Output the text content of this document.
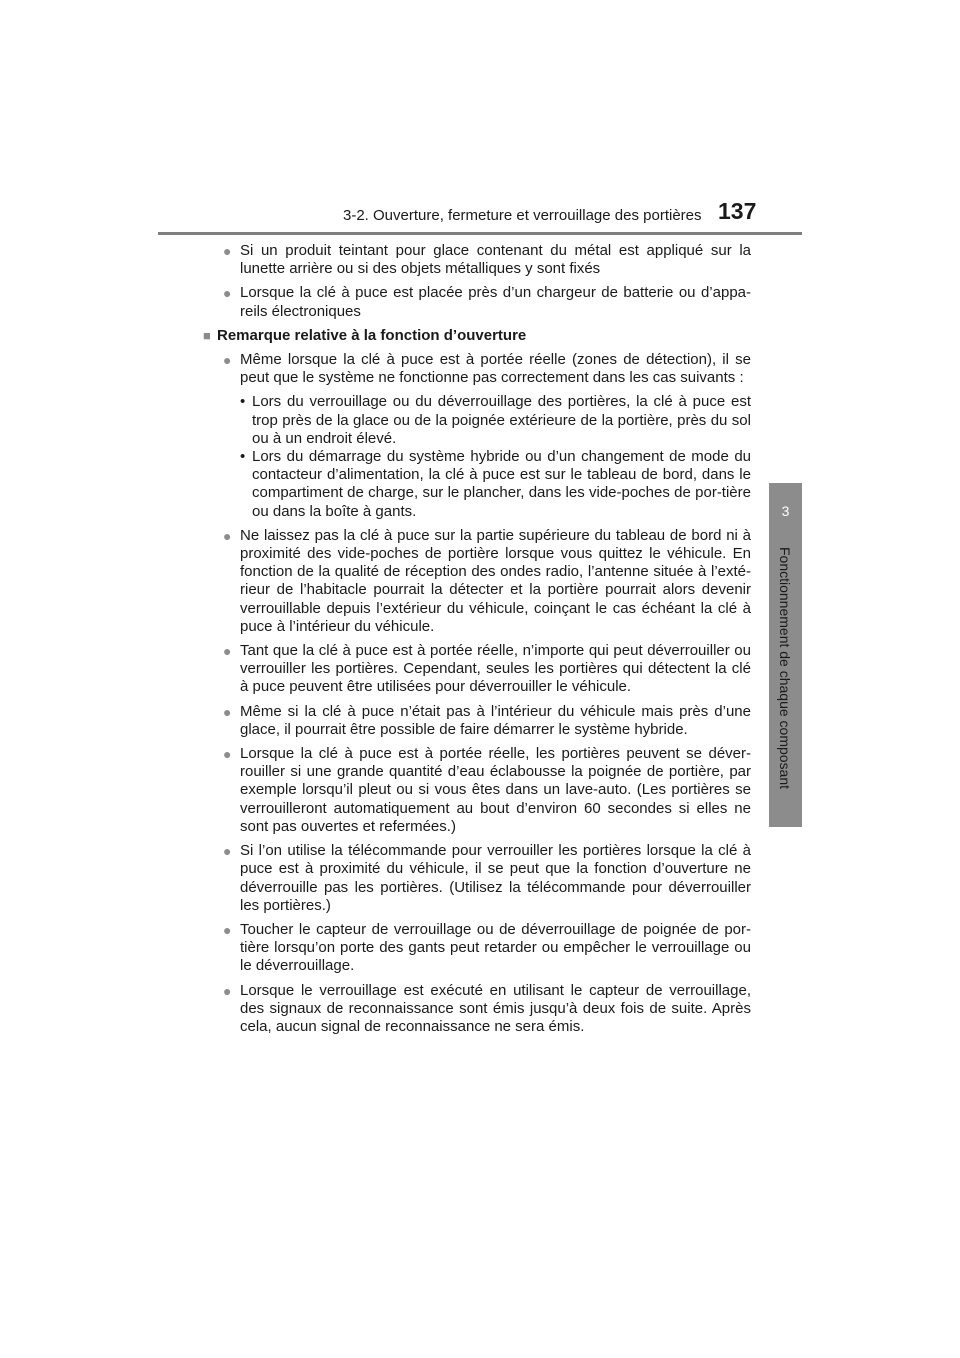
3-2. Ouverture, fermeture et verrouillage des portières 137
3
Fonctionnement de chaque composant
● Si un produit teintant pour glace contenant du métal est appliqué sur la lunette arrière ou si des objets métalliques y sont fixés
● Lorsque la clé à puce est placée près d’un chargeur de batterie ou d’appa-reils électroniques
■ Remarque relative à la fonction d’ouverture
● Même lorsque la clé à puce est à portée réelle (zones de détection), il se peut que le système ne fonctionne pas correctement dans les cas suivants :
• Lors du verrouillage ou du déverrouillage des portières, la clé à puce est trop près de la glace ou de la poignée extérieure de la portière, près du sol ou à un endroit élevé.
• Lors du démarrage du système hybride ou d’un changement de mode du contacteur d’alimentation, la clé à puce est sur le tableau de bord, dans le compartiment de charge, sur le plancher, dans les vide-poches de por-tière ou dans la boîte à gants.
● Ne laissez pas la clé à puce sur la partie supérieure du tableau de bord ni à proximité des vide-poches de portière lorsque vous quittez le véhicule. En fonction de la qualité de réception des ondes radio, l’antenne située à l’exté-rieur de l’habitacle pourrait la détecter et la portière pourrait alors devenir verrouillable depuis l’extérieur du véhicule, coinçant le cas échéant la clé à puce à l’intérieur du véhicule.
● Tant que la clé à puce est à portée réelle, n’importe qui peut déverrouiller ou verrouiller les portières. Cependant, seules les portières qui détectent la clé à puce peuvent être utilisées pour déverrouiller le véhicule.
● Même si la clé à puce n’était pas à l’intérieur du véhicule mais près d’une glace, il pourrait être possible de faire démarrer le système hybride.
● Lorsque la clé à puce est à portée réelle, les portières peuvent se déver-rouiller si une grande quantité d’eau éclabousse la poignée de portière, par exemple lorsqu’il pleut ou si vous êtes dans un lave-auto. (Les portières se verrouilleront automatiquement au bout d’environ 60 secondes si elles ne sont pas ouvertes et refermées.)
● Si l’on utilise la télécommande pour verrouiller les portières lorsque la clé à puce est à proximité du véhicule, il se peut que la fonction d’ouverture ne déverrouille pas les portières. (Utilisez la télécommande pour déverrouiller les portières.)
● Toucher le capteur de verrouillage ou de déverrouillage de poignée de por-tière lorsqu’on porte des gants peut retarder ou empêcher le verrouillage ou le déverrouillage.
● Lorsque le verrouillage est exécuté en utilisant le capteur de verrouillage, des signaux de reconnaissance sont émis jusqu’à deux fois de suite. Après cela, aucun signal de reconnaissance ne sera émis.
